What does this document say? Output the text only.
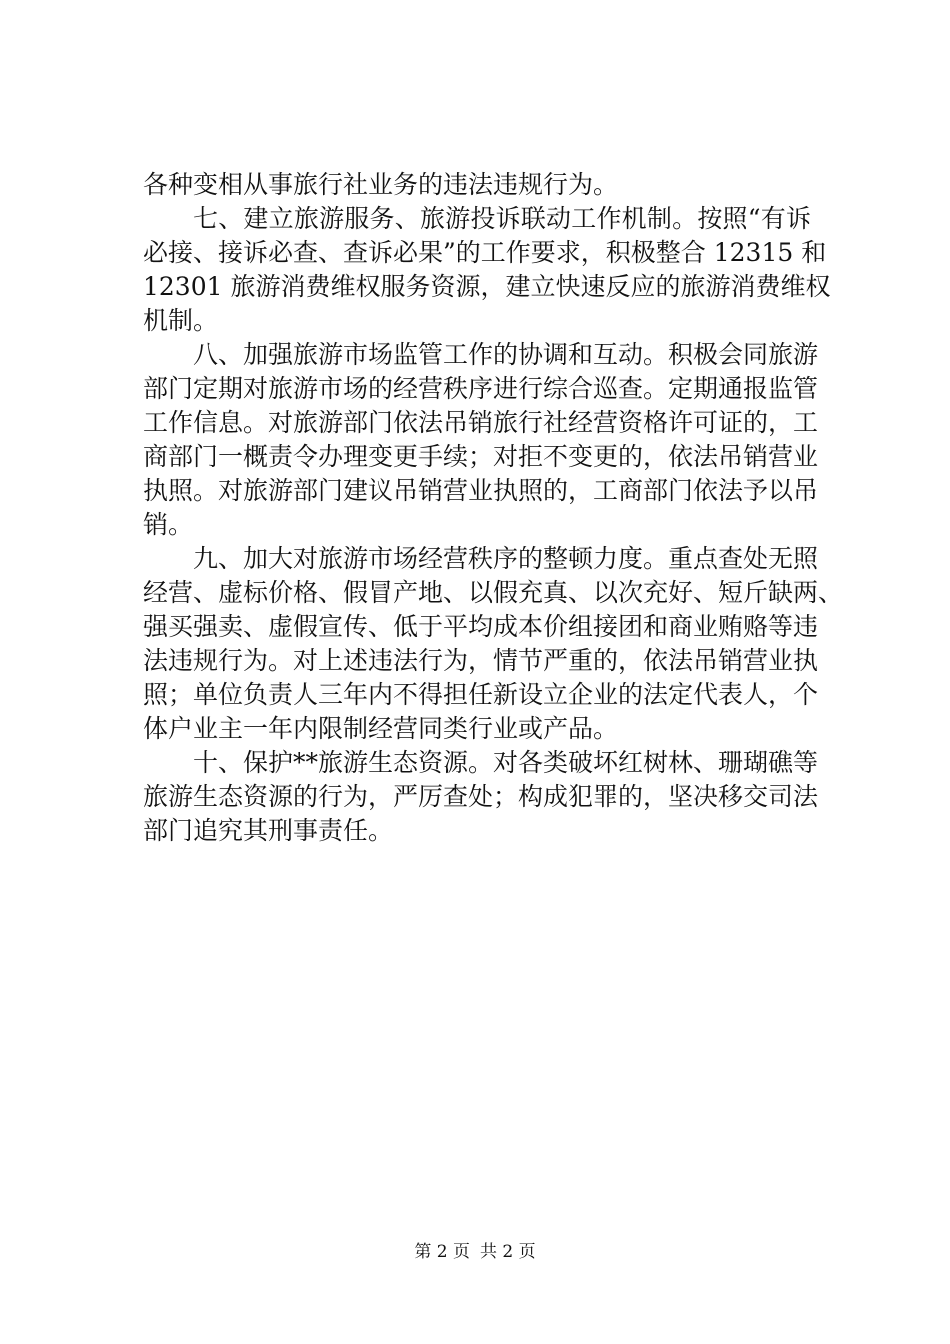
各种变相从事旅行社业务的违法违规行为。
七、建立旅游服务、旅游投诉联动工作机制。按照“有诉
必接、接诉必查、查诉必果”的工作要求，积极整合 12315 和
12301 旅游消费维权服务资源，建立快速反应的旅游消费维权
机制。
八、加强旅游市场监管工作的协调和互动。积极会同旅游
部门定期对旅游市场的经营秩序进行综合巡查。定期通报监管
工作信息。对旅游部门依法吊销旅行社经营资格许可证的，工
商部门一概责令办理变更手续；对拒不变更的，依法吊销营业
执照。对旅游部门建议吊销营业执照的，工商部门依法予以吊
销。
九、加大对旅游市场经营秩序的整顿力度。重点查处无照
经营、虚标价格、假冒产地、以假充真、以次充好、短斤缺两、
强买强卖、虚假宣传、低于平均成本价组接团和商业贿赂等违
法违规行为。对上述违法行为，情节严重的，依法吊销营业执
照；单位负责人三年内不得担任新设立企业的法定代表人，个
体户业主一年内限制经营同类行业或产品。
十、保护**旅游生态资源。对各类破坏红树林、珊瑚礁等
旅游生态资源的行为，严厉查处；构成犯罪的，坚决移交司法
部门追究其刑事责任。
第 2 页 共 2 页
